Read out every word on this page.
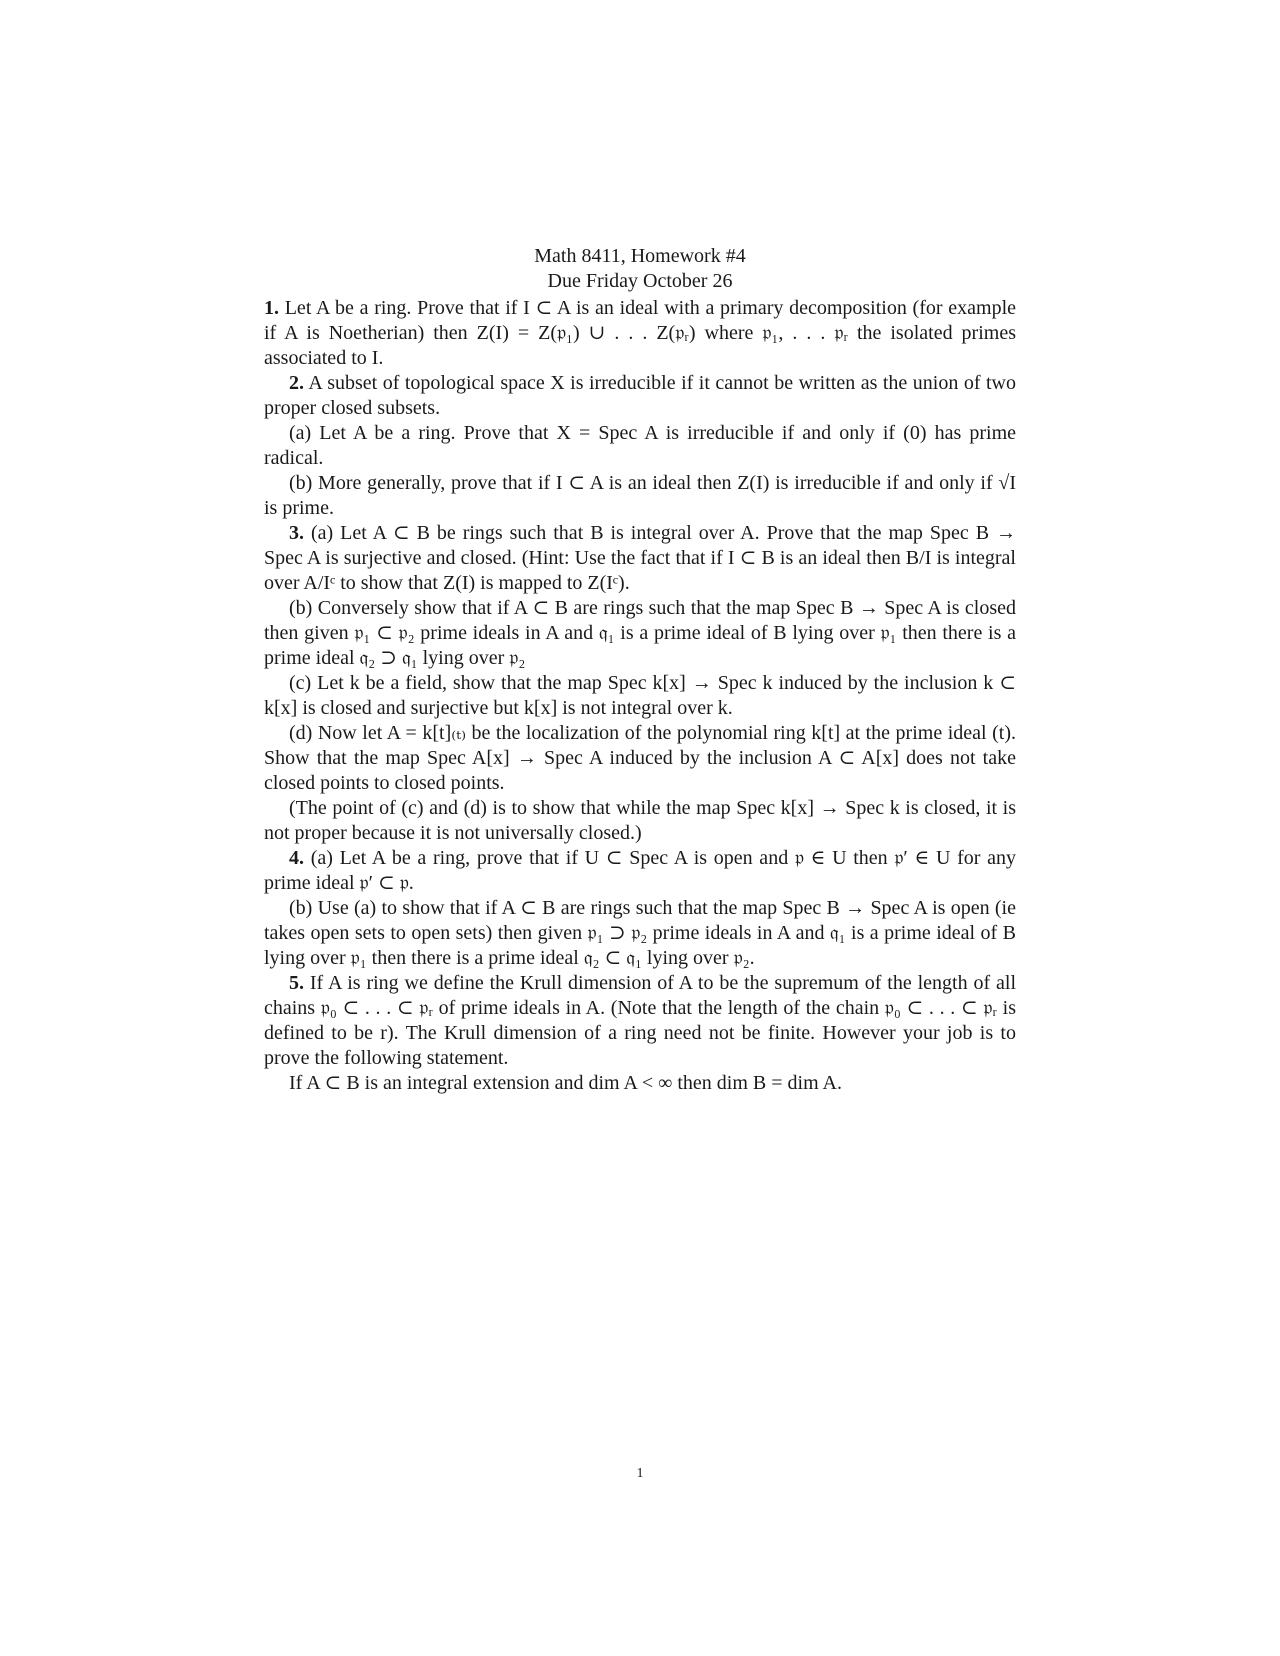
Math 8411, Homework #4
Due Friday October 26

1. Let A be a ring. Prove that if I ⊂ A is an ideal with a primary decomposition (for example if A is Noetherian) then Z(I) = Z(𝔭₁) ∪ . . . Z(𝔭ᵣ) where 𝔭₁, . . . 𝔭ᵣ the isolated primes associated to I.

2. A subset of topological space X is irreducible if it cannot be written as the union of two proper closed subsets.

(a) Let A be a ring. Prove that X = Spec A is irreducible if and only if (0) has prime radical.

(b) More generally, prove that if I ⊂ A is an ideal then Z(I) is irreducible if and only if √I is prime.

3. (a) Let A ⊂ B be rings such that B is integral over A. Prove that the map Spec B → Spec A is surjective and closed. (Hint: Use the fact that if I ⊂ B is an ideal then B/I is integral over A/Iᶜ to show that Z(I) is mapped to Z(Iᶜ).

(b) Conversely show that if A ⊂ B are rings such that the map Spec B → Spec A is closed then given 𝔭₁ ⊂ 𝔭₂ prime ideals in A and 𝔮₁ is a prime ideal of B lying over 𝔭₁ then there is a prime ideal 𝔮₂ ⊃ 𝔮₁ lying over 𝔭₂

(c) Let k be a field, show that the map Spec k[x] → Spec k induced by the inclusion k ⊂ k[x] is closed and surjective but k[x] is not integral over k.

(d) Now let A = k[t]₍ₜ₎ be the localization of the polynomial ring k[t] at the prime ideal (t). Show that the map Spec A[x] → Spec A induced by the inclusion A ⊂ A[x] does not take closed points to closed points.

(The point of (c) and (d) is to show that while the map Spec k[x] → Spec k is closed, it is not proper because it is not universally closed.)

4. (a) Let A be a ring, prove that if U ⊂ Spec A is open and 𝔭 ∈ U then 𝔭′ ∈ U for any prime ideal 𝔭′ ⊂ 𝔭.

(b) Use (a) to show that if A ⊂ B are rings such that the map Spec B → Spec A is open (ie takes open sets to open sets) then given 𝔭₁ ⊃ 𝔭₂ prime ideals in A and 𝔮₁ is a prime ideal of B lying over 𝔭₁ then there is a prime ideal 𝔮₂ ⊂ 𝔮₁ lying over 𝔭₂.

5. If A is ring we define the Krull dimension of A to be the supremum of the length of all chains 𝔭₀ ⊂ . . . ⊂ 𝔭ᵣ of prime ideals in A. (Note that the length of the chain 𝔭₀ ⊂ . . . ⊂ 𝔭ᵣ is defined to be r). The Krull dimension of a ring need not be finite. However your job is to prove the following statement.

If A ⊂ B is an integral extension and dim A < ∞ then dim B = dim A.

1
